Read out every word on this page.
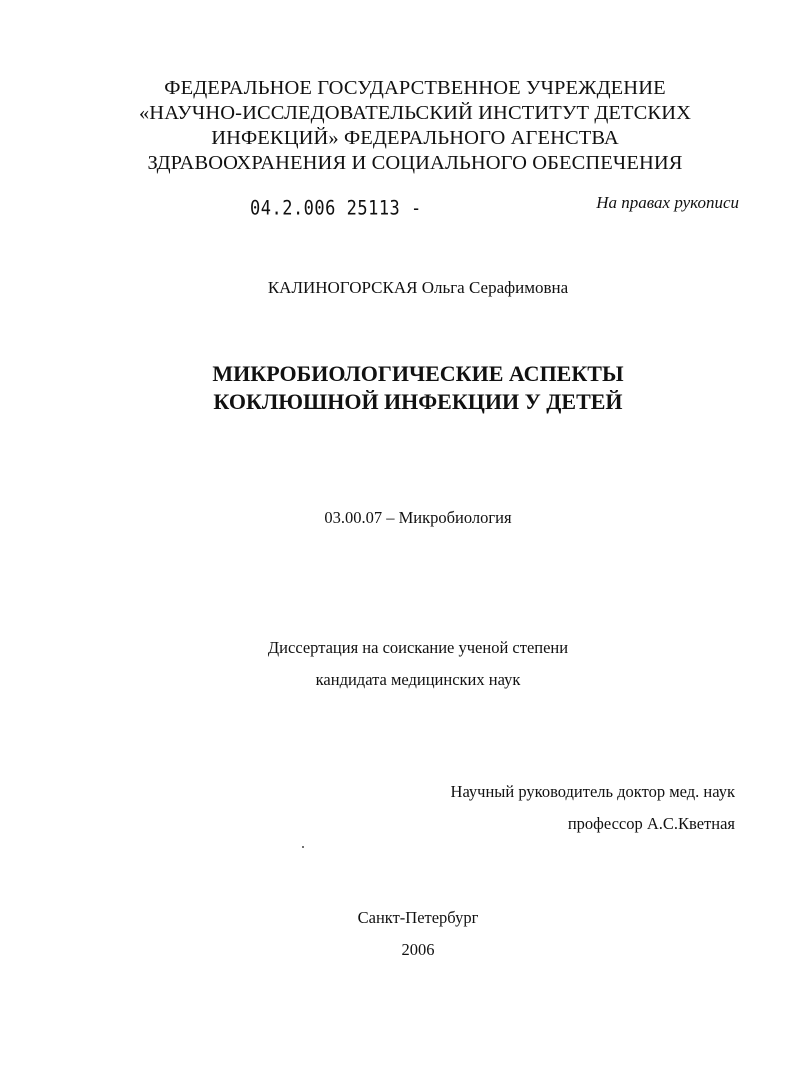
ФЕДЕРАЛЬНОЕ ГОСУДАРСТВЕННОЕ УЧРЕЖДЕНИЕ
«НАУЧНО-ИССЛЕДОВАТЕЛЬСКИЙ ИНСТИТУТ ДЕТСКИХ
ИНФЕКЦИЙ» ФЕДЕРАЛЬНОГО АГЕНСТВА
ЗДРАВООХРАНЕНИЯ И СОЦИАЛЬНОГО ОБЕСПЕЧЕНИЯ
04.2.006 25113 -	На правах рукописи
КАЛИНОГОРСКАЯ Ольга Серафимовна
МИКРОБИОЛОГИЧЕСКИЕ АСПЕКТЫ
КОКЛЮШНОЙ ИНФЕКЦИИ У ДЕТЕЙ
03.00.07 – Микробиология
Диссертация на соискание ученой степени
кандидата медицинских наук
Научный руководитель доктор мед. наук
профессор А.С.Кветная
Санкт-Петербург
2006
